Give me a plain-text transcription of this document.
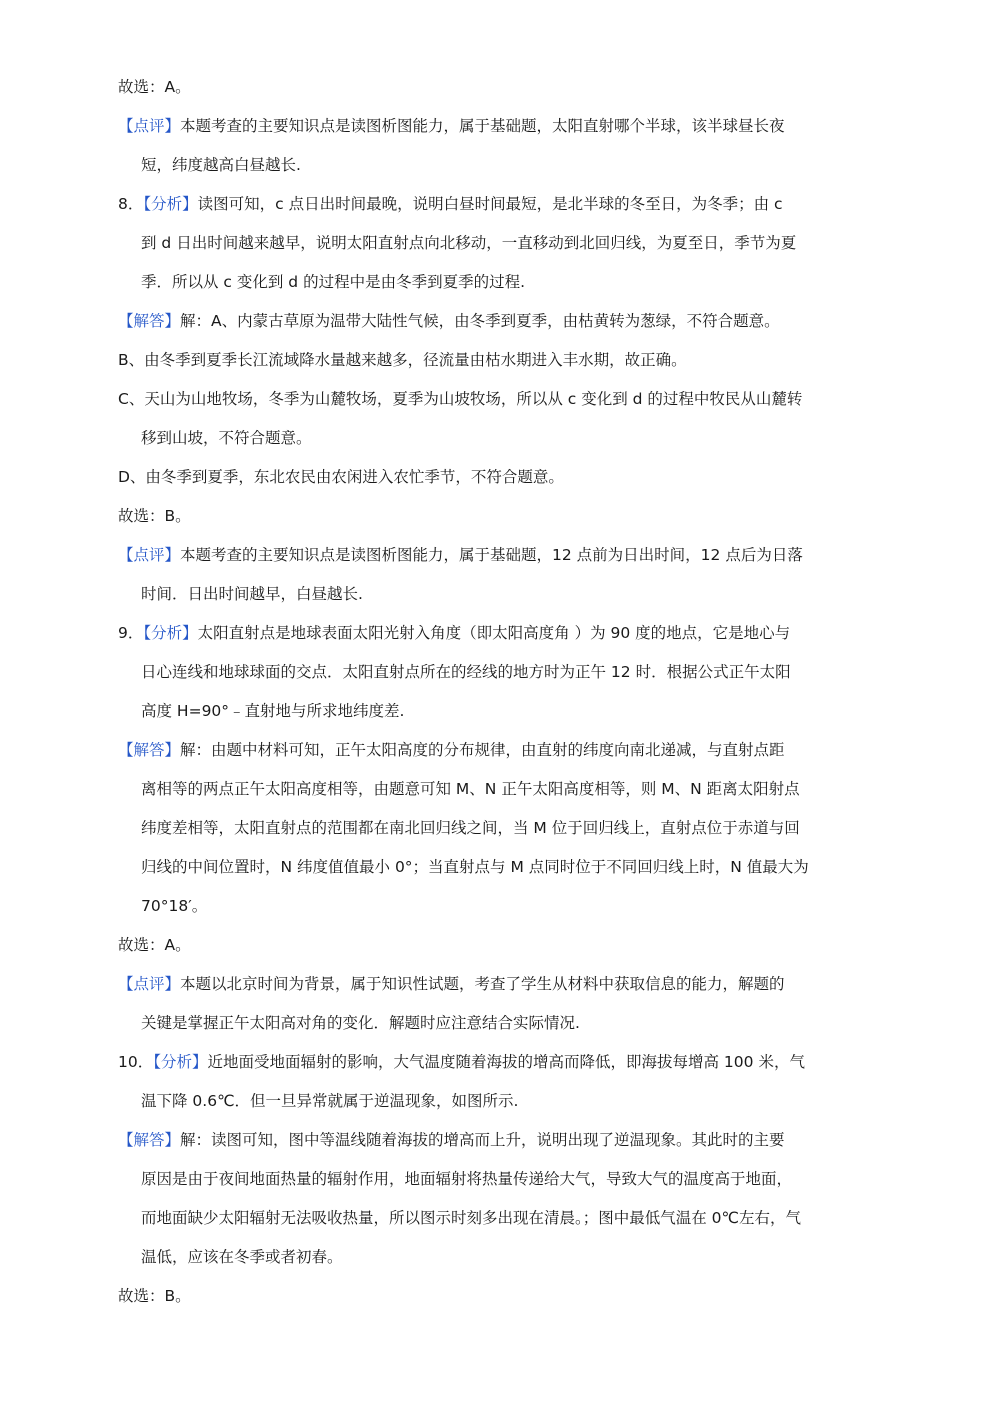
故选：A。
【点评】本题考查的主要知识点是读图析图能力，属于基础题，太阳直射哪个半球，该半球昼长夜
短，纬度越高白昼越长.
8．【分析】读图可知，c 点日出时间最晚，说明白昼时间最短，是北半球的冬至日，为冬季；由 c
到 d 日出时间越来越早，说明太阳直射点向北移动，一直移动到北回归线，为夏至日，季节为夏
季．所以从 c 变化到 d 的过程中是由冬季到夏季的过程.
【解答】解：A、内蒙古草原为温带大陆性气候，由冬季到夏季，由枯黄转为葱绿，不符合题意。
B、由冬季到夏季长江流域降水量越来越多，径流量由枯水期进入丰水期，故正确。
C、天山为山地牧场，冬季为山麓牧场，夏季为山坡牧场，所以从 c 变化到 d 的过程中牧民从山麓转
移到山坡，不符合题意。
D、由冬季到夏季，东北农民由农闲进入农忙季节，不符合题意。
故选：B。
【点评】本题考查的主要知识点是读图析图能力，属于基础题，12 点前为日出时间，12 点后为日落
时间．日出时间越早，白昼越长.
9．【分析】太阳直射点是地球表面太阳光射入角度（即太阳高度角 ）为 90 度的地点，它是地心与
日心连线和地球球面的交点．太阳直射点所在的经线的地方时为正午 12 时．根据公式正午太阳
高度 H=90°﹣直射地与所求地纬度差.
【解答】解：由题中材料可知，正午太阳高度的分布规律，由直射的纬度向南北递减，与直射点距
离相等的两点正午太阳高度相等，由题意可知 M、N 正午太阳高度相等，则 M、N 距离太阳射点
纬度差相等，太阳直射点的范围都在南北回归线之间，当 M 位于回归线上，直射点位于赤道与回
归线的中间位置时，N 纬度值值最小 0°；当直射点与 M 点同时位于不同回归线上时，N 值最大为
70°18′。
故选：A。
【点评】本题以北京时间为背景，属于知识性试题，考查了学生从材料中获取信息的能力，解题的
关键是掌握正午太阳高对角的变化．解题时应注意结合实际情况.
10．【分析】近地面受地面辐射的影响，大气温度随着海拔的增高而降低，即海拔每增高 100 米，气
温下降 0.6℃．但一旦异常就属于逆温现象，如图所示.
【解答】解：读图可知，图中等温线随着海拔的增高而上升，说明出现了逆温现象。其此时的主要
原因是由于夜间地面热量的辐射作用，地面辐射将热量传递给大气，导致大气的温度高于地面，
而地面缺少太阳辐射无法吸收热量，所以图示时刻多出现在清晨。；图中最低气温在 0℃左右，气
温低，应该在冬季或者初春。
故选：B。
